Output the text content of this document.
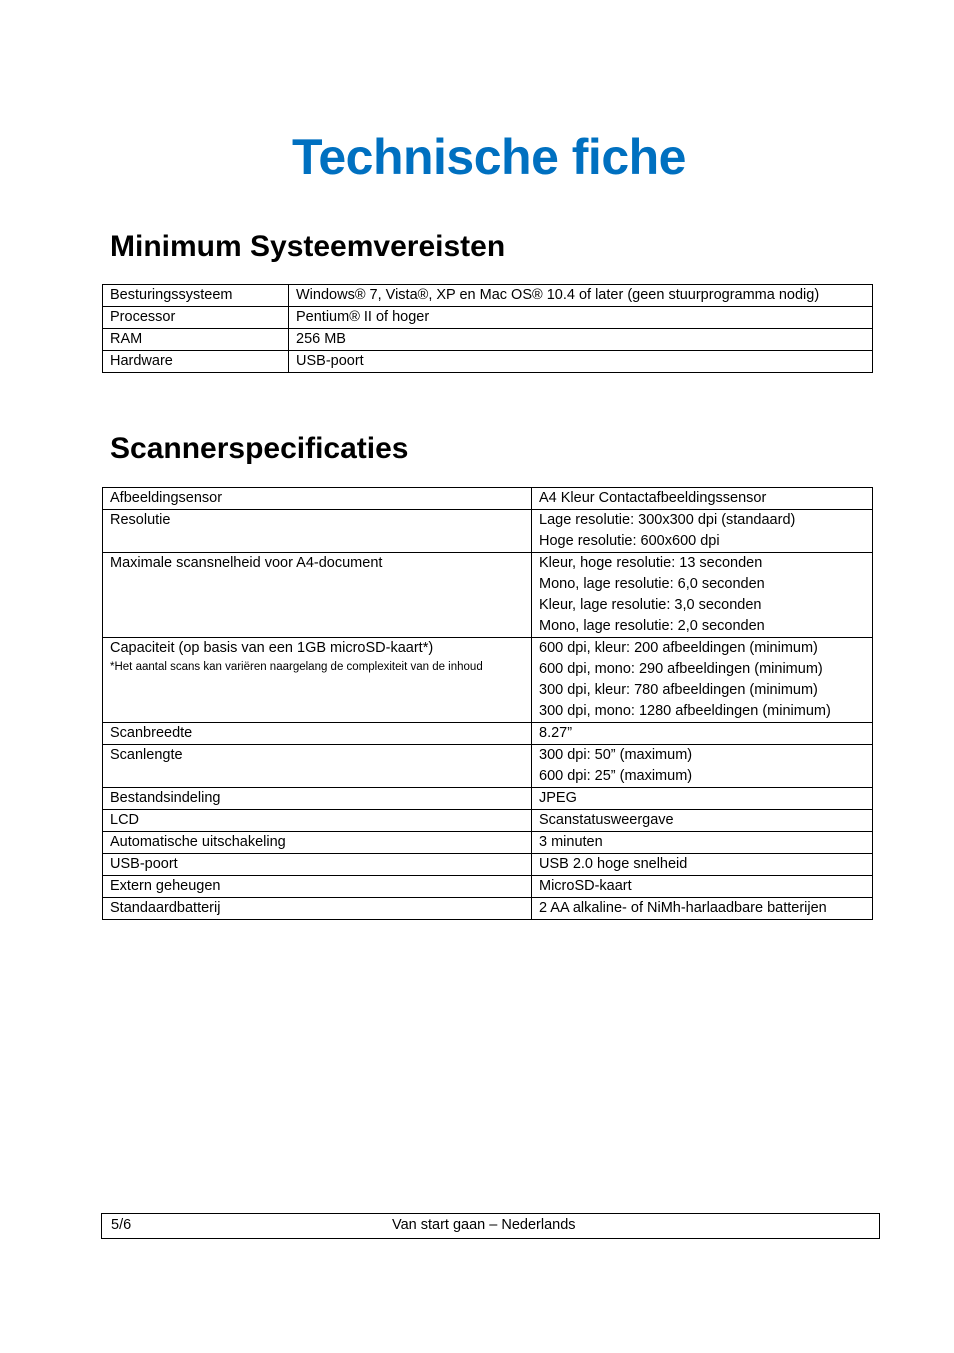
Technische fiche
Minimum Systeemvereisten
Besturingssysteem	Windows® 7, Vista®, XP en Mac OS® 10.4 of later (geen stuurprogramma nodig)
Processor	Pentium® II of hoger
RAM	256 MB
Hardware	USB-poort
Scannerspecificaties
Afbeeldingsensor	A4 Kleur Contactafbeeldingssensor

Resolutie	Lage resolutie: 300x300 dpi (standaard)
Hoge resolutie: 600x600 dpi

Maximale scansnelheid voor A4-document	Kleur, hoge resolutie: 13 seconden
Mono, lage resolutie: 6,0 seconden
Kleur, lage resolutie: 3,0 seconden
Mono, lage resolutie: 2,0 seconden

Capaciteit (op basis van een 1GB microSD-kaart*)
*Het aantal scans kan variëren naargelang de complexiteit van de inhoud	600 dpi, kleur: 200 afbeeldingen (minimum)
600 dpi, mono: 290 afbeeldingen (minimum)
300 dpi, kleur: 780 afbeeldingen (minimum)
300 dpi, mono: 1280 afbeeldingen (minimum)

Scanbreedte	8.27”

Scanlengte	300 dpi: 50” (maximum)
600 dpi: 25” (maximum)

Bestandsindeling	JPEG

LCD	Scanstatusweergave

Automatische uitschakeling	3 minuten

USB-poort	USB 2.0 hoge snelheid

Extern geheugen	MicroSD-kaart

Standaardbatterij	2 AA alkaline- of NiMh-harlaadbare batterijen
5/6	Van start gaan – Nederlands
